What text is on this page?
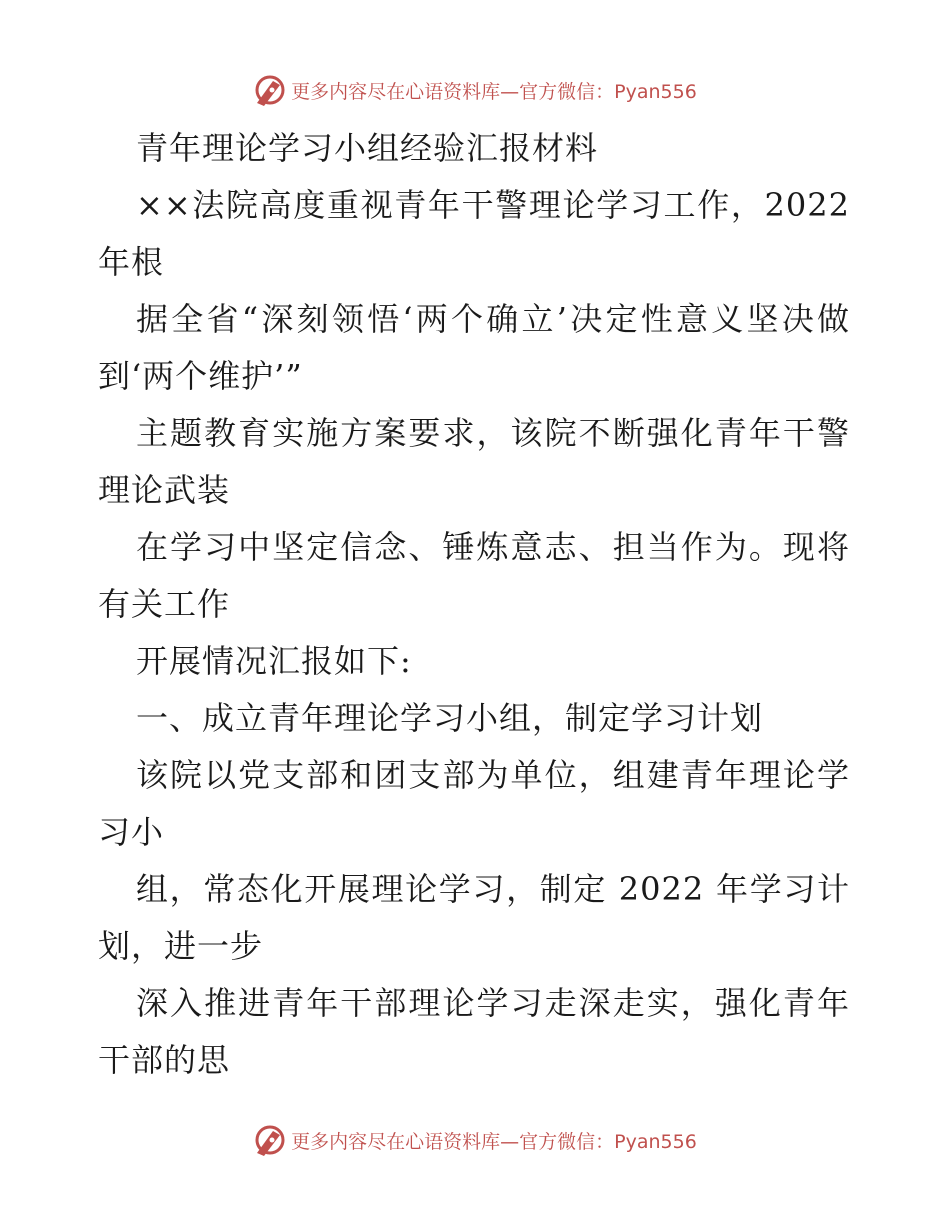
更多内容尽在心语资料库—官方微信：Pyan556

青年理论学习小组经验汇报材料

××法院高度重视青年干警理论学习工作，2022年根

据全省“深刻领悟‘两个确立’决定性意义坚决做到‘两个维护’”

主题教育实施方案要求，该院不断强化青年干警理论武装

在学习中坚定信念、锤炼意志、担当作为。现将有关工作

开展情况汇报如下:

一、成立青年理论学习小组，制定学习计划

该院以党支部和团支部为单位，组建青年理论学习小

组，常态化开展理论学习，制定 2022 年学习计划，进一步

深入推进青年干部理论学习走深走实，强化青年干部的思

更多内容尽在心语资料库—官方微信：Pyan556
